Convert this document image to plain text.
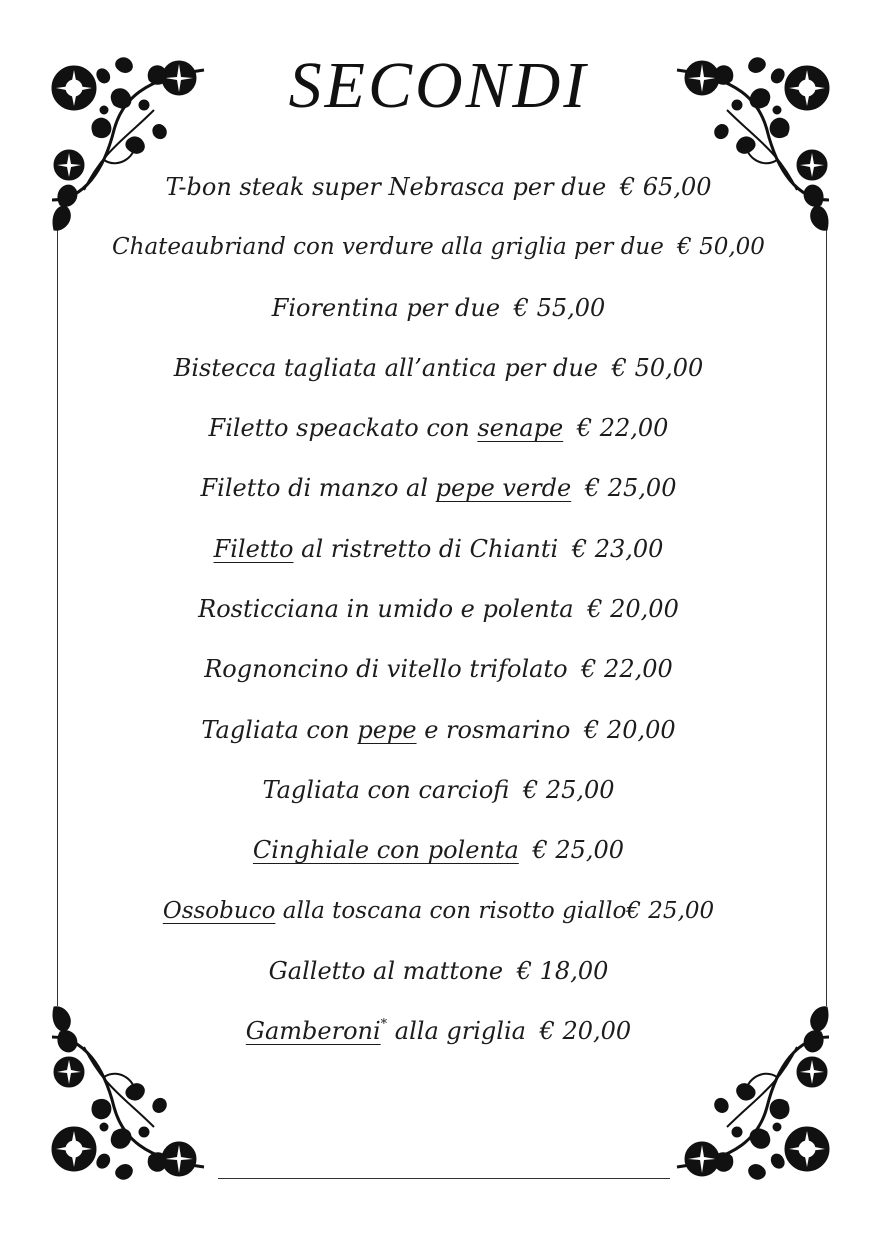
SECONDI
T-bon steak super Nebrasca per due € 65,00
Chateaubriand con verdure alla griglia per due € 50,00
Fiorentina per due € 55,00
Bistecca tagliata all’antica per due € 50,00
Filetto speackato con senape € 22,00
Filetto di manzo al pepe verde € 25,00
Filetto al ristretto di Chianti € 23,00
Rosticciana in umido e polenta € 20,00
Rognoncino di vitello trifolato € 22,00
Tagliata con pepe e rosmarino € 20,00
Tagliata con carciofi € 25,00
Cinghiale con polenta € 25,00
Ossobuco alla toscana con risotto giallo€ 25,00
Galletto al mattone € 18,00
Gamberoni* alla griglia € 20,00
